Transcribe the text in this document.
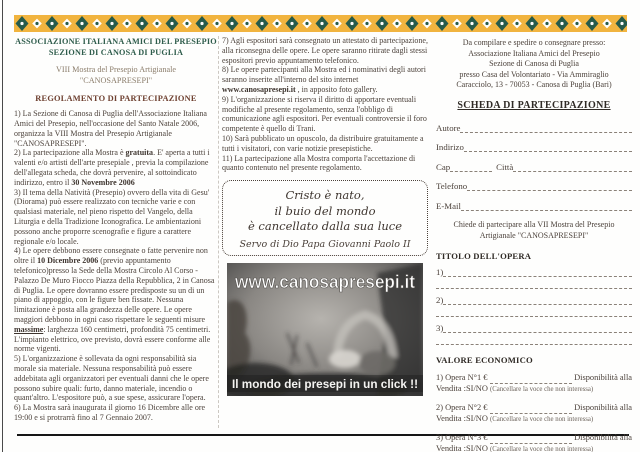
ASSOCIAZIONE ITALIANA AMICI DEL PRESEPIO
SEZIONE DI CANOSA DI PUGLIA
VIII Mostra del Presepio Artigianale
"CANOSAPRESEPI"
REGOLAMENTO DI PARTECIPAZIONE

1) La Sezione di Canosa di Puglia dell'Associazione Italiana Amici del Presepio, nell'occasione del Santo Natale 2006, organizza la VIII Mostra del Presepio Artigianale "CANOSAPRESEPI".

2) La partecipazione alla Mostra è gratuita. E' aperta a tutti i valenti e/o artisti dell'arte presepiale , previa la compilazione dell'allegata scheda, che dovrà pervenire, al sottoindicato indirizzo, entro il 30 Novembre 2006

3) Il tema della Natività (Presepio) ovvero della vita di Gesu' (Diorama) può essere realizzato con tecniche varie e con qualsiasi materiale, nel pieno rispetto del Vangelo, della Liturgia e della Tradizione Iconografica. Le ambientazioni possono anche proporre scenografie e figure a carattere regionale e/o locale.

4) Le opere debbono essere consegnate o fatte pervenire non oltre il 10 Dicembre 2006 (previo appuntamento telefonico)presso la Sede della Mostra Circolo Al Corso - Palazzo De Muro Fiocco Piazza della Repubblica, 2 in Canosa di Puglia. Le opere dovranno essere predisposte su un di un piano di appoggio, con le figure ben fissate. Nessuna limitazione è posta alla grandezza delle opere. Le opere maggiori debbono in ogni caso rispettare le seguenti misure massime: larghezza 160 centimetri, profondità 75 centimetri. L'impianto elettrico, ove previsto, dovrà essere conforme alle norme vigenti.

5) L'organizzazione è sollevata da ogni responsabilità sia morale sia materiale. Nessuna responsabilità può essere addebitata agli organizzatori per eventuali danni che le opere possono subire quali: furto, danno materiale, incendio o quant'altro. L'espositore può, a sue spese, assicurare l'opera.

6) La Mostra sarà inaugurata il giorno 16 Dicembre alle ore 19:00 e si protrarrà fino al 7 Gennaio 2007.

7) Agli espositori sarà consegnato un attestato di partecipazione, alla riconsegna delle opere. Le opere saranno ritirate dagli stessi espositori previo appuntamento telefonico.

8) Le opere partecipanti alla Mostra ed i nominativi degli autori saranno inserite all'interno del sito internet www.canosapresepi.it , in apposito foto gallery.

9) L'organizzazione si riserva il diritto di apportare eventuali modifiche al presente regolamento, senza l'obbligo di comunicazione agli espositori. Per eventuali controversie il foro competente è quello di Trani.

10) Sarà pubblicato un opuscolo, da distribuire gratuitamente a tutti i visitatori, con varie notizie presepistiche.

11) La partecipazione alla Mostra comporta l'accettazione di quanto contenuto nel presente regolamento.

Cristo è nato,
il buio del mondo
è cancellato dalla sua luce
Servo di Dio Papa Giovanni Paolo II
www.canosapresepi.it
Il mondo dei presepi in un click !!

Da compilare e spedire o consegnare presso:

Associazione Italiana Amici del Presepio

Sezione di Canosa di Puglia

presso Casa del Volontariato - Via Ammiraglio

Caracciolo, 13 - 70053 - Canosa di Puglia (Bari)

SCHEDA DI PARTECIPAZIONE
Autore
Indirizo
Cap	Città
Telefono
E-Mail
Chiede di partecipare alla VII Mostra del Presepio
Artigianale "CANOSAPRESEPI"
TITOLO DELL'OPERA
1)
2)
3)
VALORE ECONOMICO
1) Opera N°1 €	Disponibilità alla
Vendita :SI/NO (Cancellare la voce che non interessa)
2) Opera N°2 €	Disponibilità alla
Vendita :SI/NO (Cancellare la voce che non interessa)
3) Opera N°3 €	Disponibilità alla
Vendita :SI/NO (Cancellare la voce che non interessa)
